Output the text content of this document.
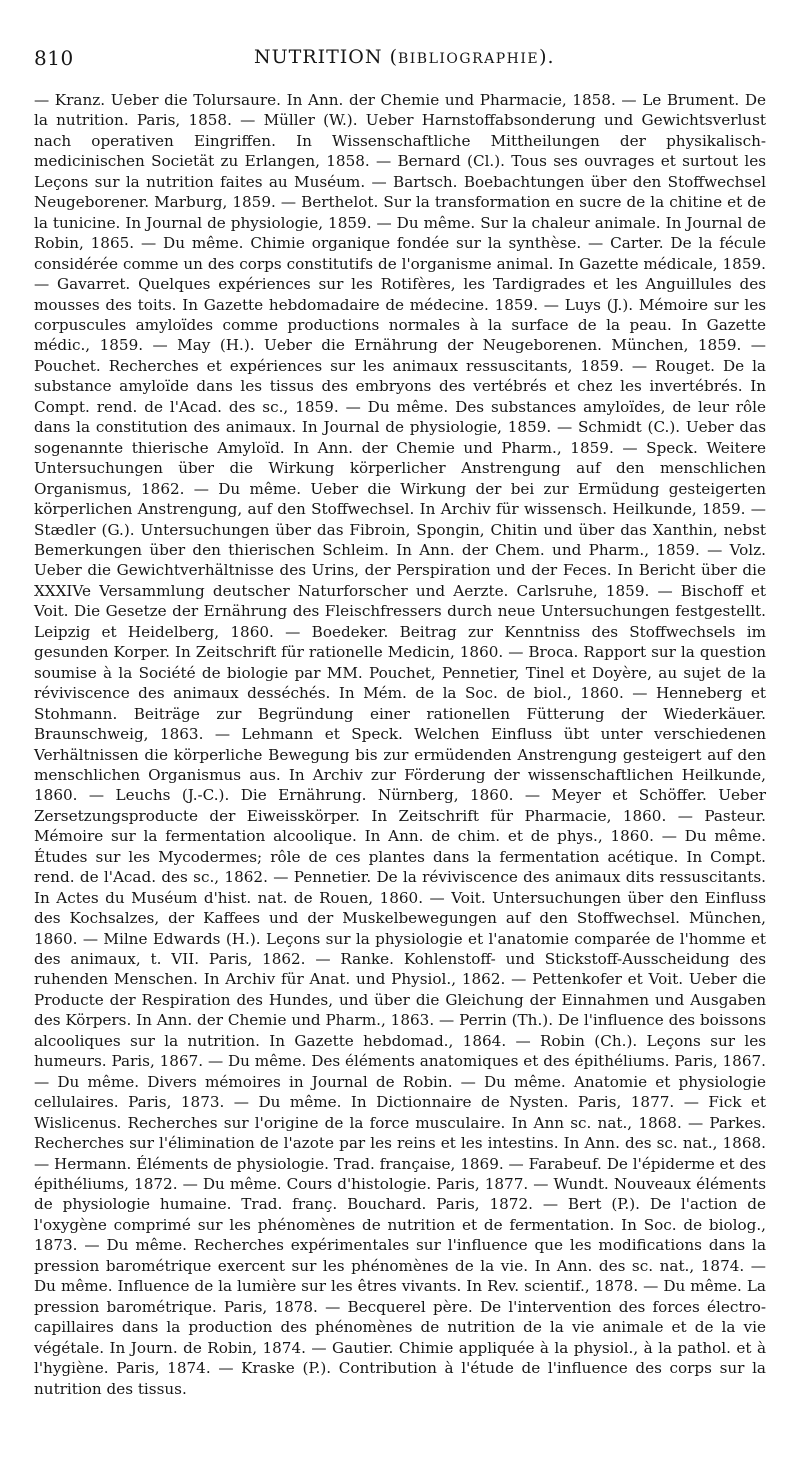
810	NUTRITION (BIBLIOGRAPHIE).

— Kranz. Ueber die Tolursaure. In Ann. der Chemie und Pharmacie, 1858. — Le Brument. De la nutrition. Paris, 1858. — Müller (W.). Ueber Harnstoffabsonderung und Gewichtsverlust nach operativen Eingriffen. In Wissenschaftliche Mittheilungen der physikalisch-medicinischen Societät zu Erlangen, 1858. — Bernard (Cl.). Tous ses ouvrages et surtout les Leçons sur la nutrition faites au Muséum. — Bartsch. Boebachtungen über den Stoffwechsel Neugeborener. Marburg, 1859. — Berthelot. Sur la transformation en sucre de la chitine et de la tunicine. In Journal de physiologie, 1859. — Du même. Sur la chaleur animale. In Journal de Robin, 1865. — Du même. Chimie organique fondée sur la synthèse. — Carter. De la fécule considérée comme un des corps constitutifs de l'organisme animal. In Gazette médicale, 1859. — Gavarret. Quelques expériences sur les Rotifères, les Tardigrades et les Anguillules des mousses des toits. In Gazette hebdomadaire de médecine. 1859. — Luys (J.). Mémoire sur les corpuscules amyloïdes comme productions normales à la surface de la peau. In Gazette médic., 1859. — May (H.). Ueber die Ernährung der Neugeborenen. München, 1859. — Pouchet. Recherches et expériences sur les animaux ressuscitants, 1859. — Rouget. De la substance amyloïde dans les tissus des embryons des vertébrés et chez les invertébrés. In Compt. rend. de l'Acad. des sc., 1859. — Du même. Des substances amyloïdes, de leur rôle dans la constitution des animaux. In Journal de physiologie, 1859. — Schmidt (C.). Ueber das sogenannte thierische Amyloïd. In Ann. der Chemie und Pharm., 1859. — Speck. Weitere Untersuchungen über die Wirkung körperlicher Anstrengung auf den menschlichen Organismus, 1862. — Du même. Ueber die Wirkung der bei zur Ermüdung gesteigerten körperlichen Anstrengung, auf den Stoffwechsel. In Archiv für wissensch. Heilkunde, 1859. — Stædler (G.). Untersuchungen über das Fibroin, Spongin, Chitin und über das Xanthin, nebst Bemerkungen über den thierischen Schleim. In Ann. der Chem. und Pharm., 1859. — Volz. Ueber die Gewichtverhältnisse des Urins, der Perspiration und der Feces. In Bericht über die XXXIVe Versammlung deutscher Naturforscher und Aerzte. Carlsruhe, 1859. — Bischoff et Voit. Die Gesetze der Ernährung des Fleischfressers durch neue Untersuchungen festgestellt. Leipzig et Heidelberg, 1860. — Boedeker. Beitrag zur Kenntniss des Stoffwechsels im gesunden Korper. In Zeitschrift für rationelle Medicin, 1860. — Broca. Rapport sur la question soumise à la Société de biologie par MM. Pouchet, Pennetier, Tinel et Doyère, au sujet de la réviviscence des animaux desséchés. In Mém. de la Soc. de biol., 1860. — Henneberg et Stohmann. Beiträge zur Begründung einer rationellen Fütterung der Wiederkäuer. Braunschweig, 1863. — Lehmann et Speck. Welchen Einfluss übt unter verschiedenen Verhältnissen die körperliche Bewegung bis zur ermüdenden Anstrengung gesteigert auf den menschlichen Organismus aus. In Archiv zur Förderung der wissenschaftlichen Heilkunde, 1860. — Leuchs (J.-C.). Die Ernährung. Nürnberg, 1860. — Meyer et Schöffer. Ueber Zersetzungsproducte der Eiweisskörper. In Zeitschrift für Pharmacie, 1860. — Pasteur. Mémoire sur la fermentation alcoolique. In Ann. de chim. et de phys., 1860. — Du même. Études sur les Mycodermes; rôle de ces plantes dans la fermentation acétique. In Compt. rend. de l'Acad. des sc., 1862. — Pennetier. De la réviviscence des animaux dits ressuscitants. In Actes du Muséum d'hist. nat. de Rouen, 1860. — Voit. Untersuchungen über den Einfluss des Kochsalzes, der Kaffees und der Muskelbewegungen auf den Stoffwechsel. München, 1860. — Milne Edwards (H.). Leçons sur la physiologie et l'anatomie comparée de l'homme et des animaux, t. VII. Paris, 1862. — Ranke. Kohlenstoff- und Stickstoff-Ausscheidung des ruhenden Menschen. In Archiv für Anat. und Physiol., 1862. — Pettenkofer et Voit. Ueber die Producte der Respiration des Hundes, und über die Gleichung der Einnahmen und Ausgaben des Körpers. In Ann. der Chemie und Pharm., 1863. — Perrin (Th.). De l'influence des boissons alcooliques sur la nutrition. In Gazette hebdomad., 1864. — Robin (Ch.). Leçons sur les humeurs. Paris, 1867. — Du même. Des éléments anatomiques et des épithéliums. Paris, 1867. — Du même. Divers mémoires in Journal de Robin. — Du même. Anatomie et physiologie cellulaires. Paris, 1873. — Du même. In Dictionnaire de Nysten. Paris, 1877. — Fick et Wislicenus. Recherches sur l'origine de la force musculaire. In Ann sc. nat., 1868. — Parkes. Recherches sur l'élimination de l'azote par les reins et les intestins. In Ann. des sc. nat., 1868. — Hermann. Éléments de physiologie. Trad. française, 1869. — Farabeuf. De l'épiderme et des épithéliums, 1872. — Du même. Cours d'histologie. Paris, 1877. — Wundt. Nouveaux éléments de physiologie humaine. Trad. franç. Bouchard. Paris, 1872. — Bert (P.). De l'action de l'oxygène comprimé sur les phénomènes de nutrition et de fermentation. In Soc. de biolog., 1873. — Du même. Recherches expérimentales sur l'influence que les modifications dans la pression barométrique exercent sur les phénomènes de la vie. In Ann. des sc. nat., 1874. — Du même. Influence de la lumière sur les êtres vivants. In Rev. scientif., 1878. — Du même. La pression barométrique. Paris, 1878. — Becquerel père. De l'intervention des forces électro-capillaires dans la production des phénomènes de nutrition de la vie animale et de la vie végétale. In Journ. de Robin, 1874. — Gautier. Chimie appliquée à la physiol., à la pathol. et à l'hygiène. Paris, 1874. — Kraske (P.). Contribution à l'étude de l'influence des corps sur la nutrition des tissus.
